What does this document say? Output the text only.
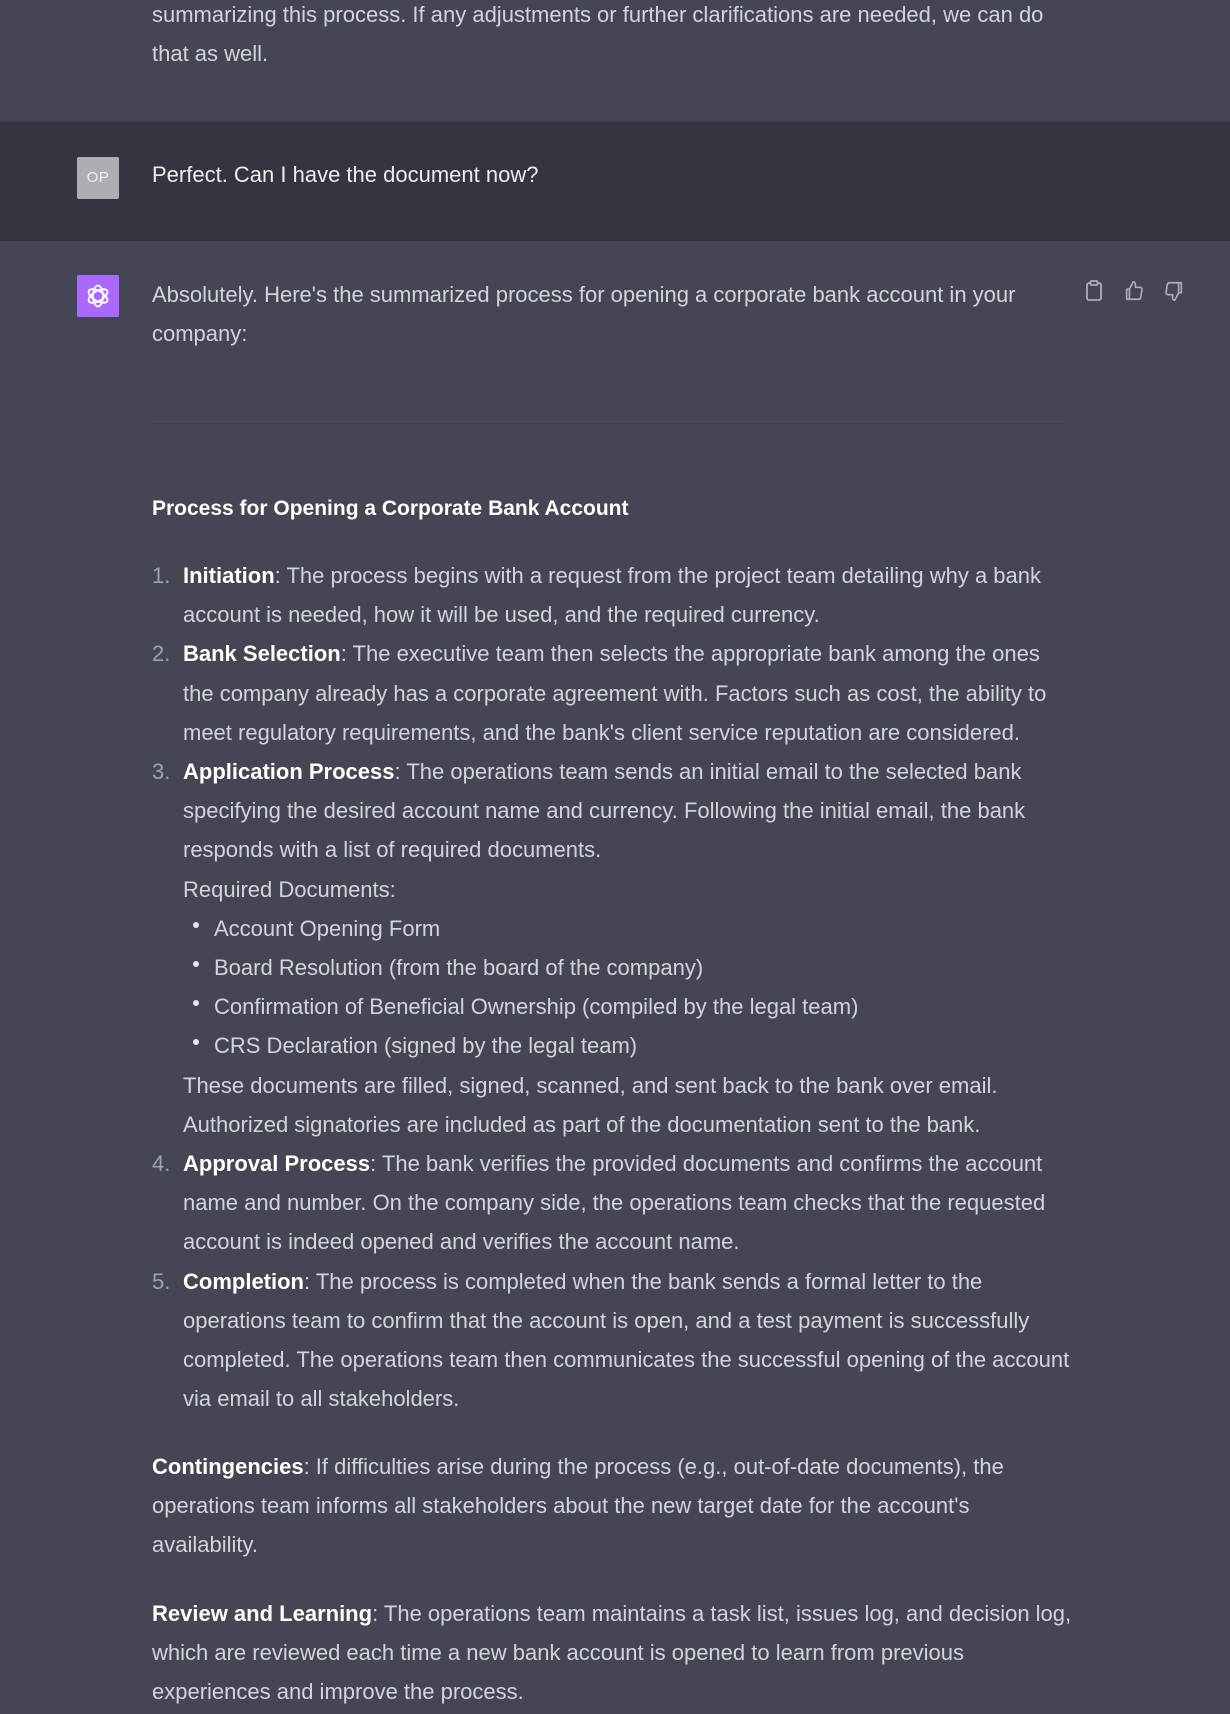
summarizing this process. If any adjustments or further clarifications are needed, we can do
that as well.
OP	Perfect. Can I have the document now?
Absolutely. Here's the summarized process for opening a corporate bank account in your company:
Process for Opening a Corporate Bank Account
1. Initiation: The process begins with a request from the project team detailing why a bank account is needed, how it will be used, and the required currency.
2. Bank Selection: The executive team then selects the appropriate bank among the ones the company already has a corporate agreement with. Factors such as cost, the ability to meet regulatory requirements, and the bank's client service reputation are considered.
3. Application Process: The operations team sends an initial email to the selected bank specifying the desired account name and currency. Following the initial email, the bank responds with a list of required documents.
Required Documents:
Account Opening Form
Board Resolution (from the board of the company)
Confirmation of Beneficial Ownership (compiled by the legal team)
CRS Declaration (signed by the legal team)
These documents are filled, signed, scanned, and sent back to the bank over email. Authorized signatories are included as part of the documentation sent to the bank.
4. Approval Process: The bank verifies the provided documents and confirms the account name and number. On the company side, the operations team checks that the requested account is indeed opened and verifies the account name.
5. Completion: The process is completed when the bank sends a formal letter to the operations team to confirm that the account is open, and a test payment is successfully completed. The operations team then communicates the successful opening of the account via email to all stakeholders.
Contingencies: If difficulties arise during the process (e.g., out-of-date documents), the operations team informs all stakeholders about the new target date for the account's availability.
Review and Learning: The operations team maintains a task list, issues log, and decision log, which are reviewed each time a new bank account is opened to learn from previous experiences and improve the process.
